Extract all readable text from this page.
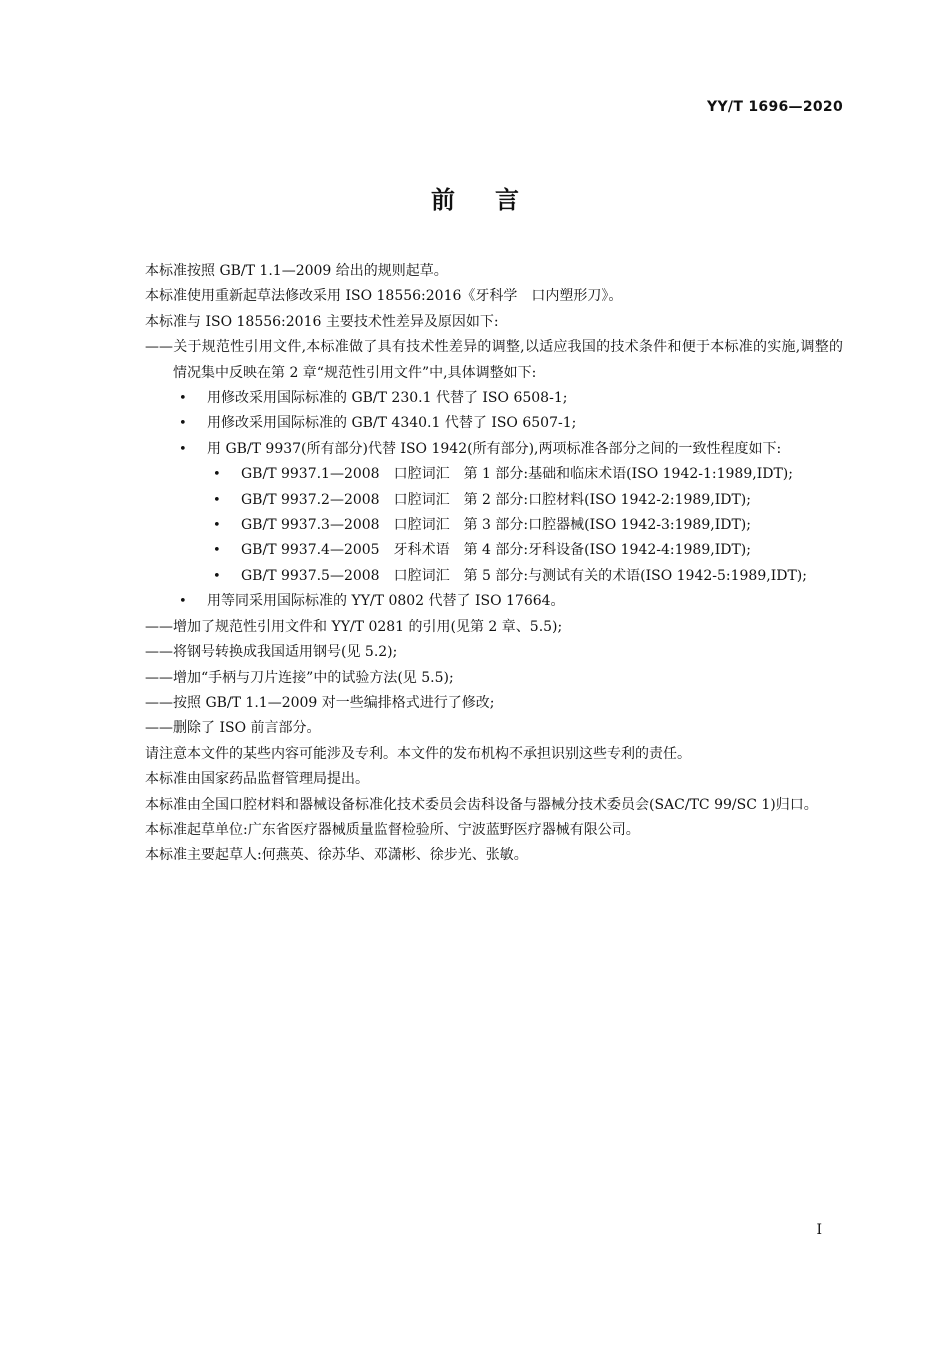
YY/T 1696—2020
前言

本标准按照 GB/T 1.1—2009 给出的规则起草。

本标准使用重新起草法修改采用 ISO 18556:2016《牙科学　口内塑形刀》。

本标准与 ISO 18556:2016 主要技术性差异及原因如下:

——关于规范性引用文件,本标准做了具有技术性差异的调整,以适应我国的技术条件和便于本标准的实施,调整的情况集中反映在第 2 章“规范性引用文件”中,具体调整如下:

• 用修改采用国际标准的 GB/T 230.1 代替了 ISO 6508-1;
• 用修改采用国际标准的 GB/T 4340.1 代替了 ISO 6507-1;
• 用 GB/T 9937(所有部分)代替 ISO 1942(所有部分),两项标准各部分之间的一致性程度如下:
• GB/T 9937.1—2008　口腔词汇　第 1 部分:基础和临床术语(ISO 1942-1:1989,IDT);
• GB/T 9937.2—2008　口腔词汇　第 2 部分:口腔材料(ISO 1942-2:1989,IDT);
• GB/T 9937.3—2008　口腔词汇　第 3 部分:口腔器械(ISO 1942-3:1989,IDT);
• GB/T 9937.4—2005　牙科术语　第 4 部分:牙科设备(ISO 1942-4:1989,IDT);
• GB/T 9937.5—2008　口腔词汇　第 5 部分:与测试有关的术语(ISO 1942-5:1989,IDT);
• 用等同采用国际标准的 YY/T 0802 代替了 ISO 17664。

——增加了规范性引用文件和 YY/T 0281 的引用(见第 2 章、5.5);

——将钢号转换成我国适用钢号(见 5.2);

——增加“手柄与刀片连接”中的试验方法(见 5.5);

——按照 GB/T 1.1—2009 对一些编排格式进行了修改;

——删除了 ISO 前言部分。

请注意本文件的某些内容可能涉及专利。本文件的发布机构不承担识别这些专利的责任。

本标准由国家药品监督管理局提出。

本标准由全国口腔材料和器械设备标准化技术委员会齿科设备与器械分技术委员会(SAC/TC 99/SC 1)归口。

本标准起草单位:广东省医疗器械质量监督检验所、宁波蓝野医疗器械有限公司。

本标准主要起草人:何燕英、徐苏华、邓潇彬、徐步光、张敏。

I
